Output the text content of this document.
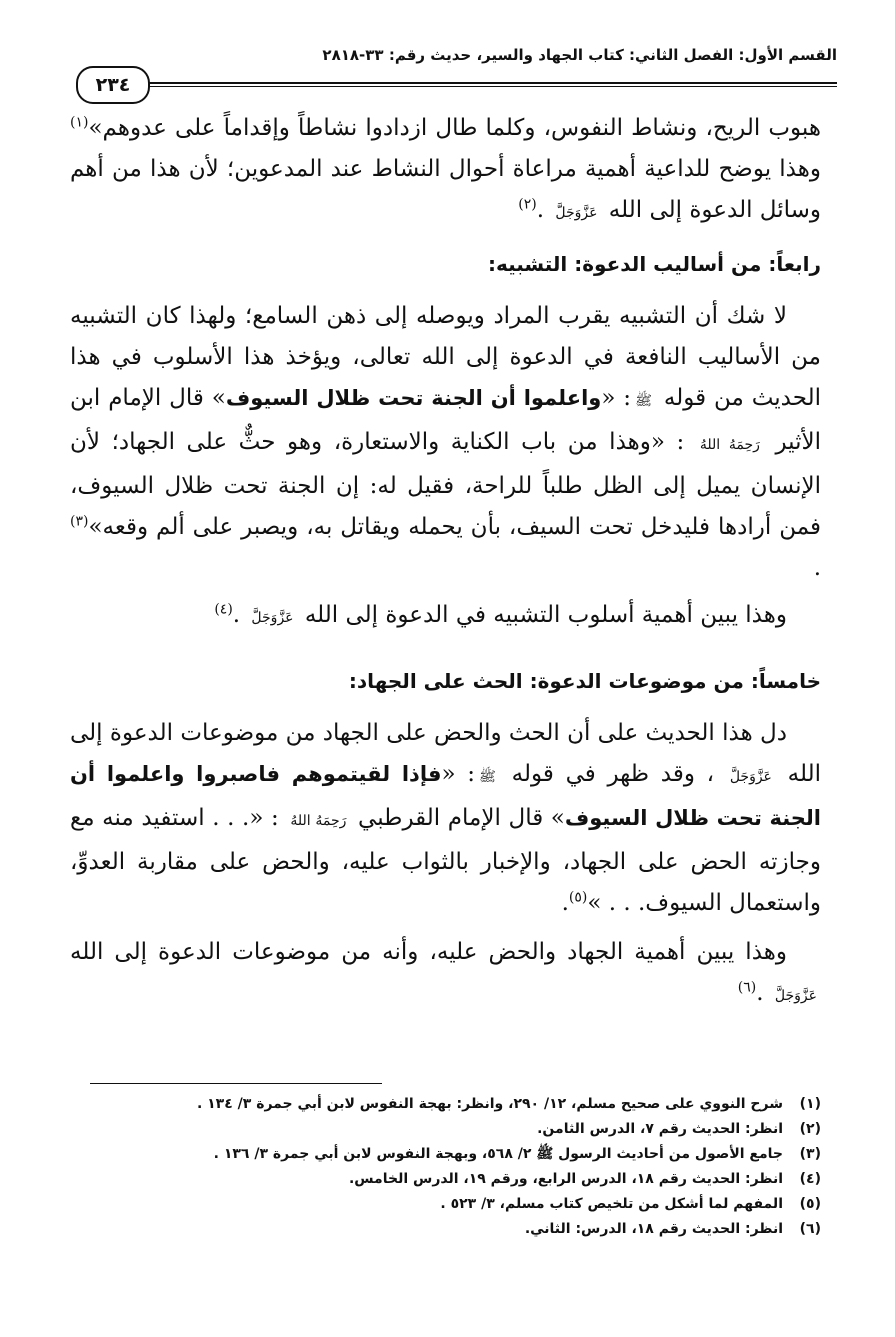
القسم الأول: الفصل الثاني: كتاب الجهاد والسير، حديث رقم: ٣٣-٢٨١٨
٢٣٤

هبوب الريح، ونشاط النفوس، وكلما طال ازدادوا نشاطاً وإقداماً على عدوهم»$^{(١)}$ وهذا يوضح للداعية أهمية مراعاة أحوال النشاط عند المدعوين؛ لأن هذا من أهم وسائل الدعوة إلى الله عَزَّوَجَلَّ .$^{(٢)}$

رابعاً: من أساليب الدعوة: التشبيه:

لا شك أن التشبيه يقرب المراد ويوصله إلى ذهن السامع؛ ولهذا كان التشبيه من الأساليب النافعة في الدعوة إلى الله تعالى، ويؤخذ هذا الأسلوب في هذا الحديث من قوله ﷺ: «واعلموا أن الجنة تحت ظلال السيوف» قال الإمام ابن الأثير رَحِمَهُ اللهُ : «وهذا من باب الكناية والاستعارة، وهو حثٌّ على الجهاد؛ لأن الإنسان يميل إلى الظل طلباً للراحة، فقيل له: إن الجنة تحت ظلال السيوف، فمن أرادها فليدخل تحت السيف، بأن يحمله ويقاتل به، ويصبر على ألم وقعه»$^{(٣)}$ .

وهذا يبين أهمية أسلوب التشبيه في الدعوة إلى الله عَزَّوَجَلَّ .$^{(٤)}$

خامساً: من موضوعات الدعوة: الحث على الجهاد:

دل هذا الحديث على أن الحث والحض على الجهاد من موضوعات الدعوة إلى الله عَزَّوَجَلَّ ، وقد ظهر في قوله ﷺ: «فإذا لقيتموهم فاصبروا واعلموا أن الجنة تحت ظلال السيوف» قال الإمام القرطبي رَحِمَهُ اللهُ : «. . . استفيد منه مع وجازته الحض على الجهاد، والإخبار بالثواب عليه، والحض على مقاربة العدوِّ، واستعمال السيوف. . . »$^{(٥)}$.

وهذا يبين أهمية الجهاد والحض عليه، وأنه من موضوعات الدعوة إلى الله عَزَّوَجَلَّ .$^{(٦)}$

(١)شرح النووي على صحيح مسلم، ١٢/ ٢٩٠، وانظر: بهجة النفوس لابن أبي جمرة ٣/ ١٣٤ .
(٢)انظر: الحديث رقم ٧، الدرس الثامن.
(٣)جامع الأصول من أحاديث الرسول ﷺ ٢/ ٥٦٨، وبهجة النفوس لابن أبي جمرة ٣/ ١٣٦ .
(٤)انظر: الحديث رقم ١٨، الدرس الرابع، ورقم ١٩، الدرس الخامس.
(٥)المفهم لما أشكل من تلخيص كتاب مسلم، ٣/ ٥٢٣ .
(٦)انظر: الحديث رقم ١٨، الدرس: الثاني.
